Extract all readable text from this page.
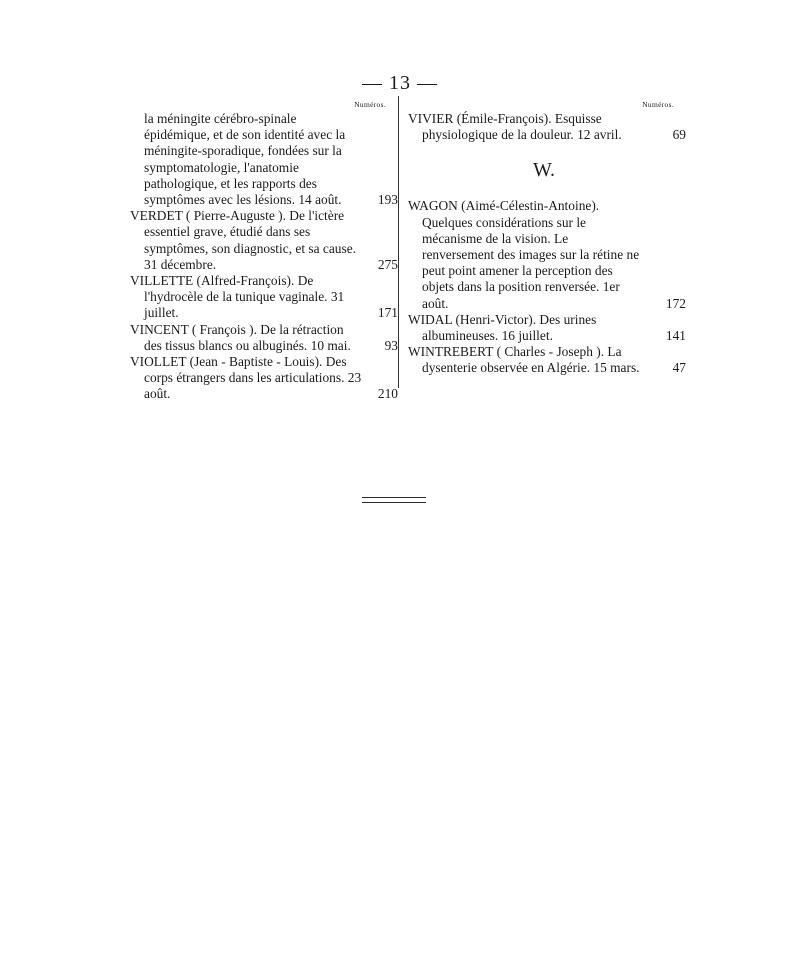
— 13 —
Numéros.
la méningite cérébro-spinale épidémique, et de son identité avec la méningite-sporadique, fondées sur la symptomatologie, l'anatomie pathologique, et les rapports des symptômes avec les lésions. 14 août.	193
VERDET ( Pierre-Auguste ). De l'ictère essentiel grave, étudié dans ses symptômes, son diagnostic, et sa cause. 31 décembre.	275
VILLETTE (Alfred-François). De l'hydrocèle de la tunique vaginale. 31 juillet.	171
VINCENT ( François ). De la rétraction des tissus blancs ou albuginés. 10 mai.	93
VIOLLET (Jean - Baptiste - Louis). Des corps étrangers dans les articulations. 23 août.	210
Numéros.
VIVIER (Émile-François). Esquisse physiologique de la douleur. 12 avril.	69
W.
WAGON (Aimé-Célestin-Antoine). Quelques considérations sur le mécanisme de la vision. Le renversement des images sur la rétine ne peut point amener la perception des objets dans la position renversée. 1er août.	172
WIDAL (Henri-Victor). Des urines albumineuses. 16 juillet.	141
WINTREBERT ( Charles - Joseph ). La dysenterie observée en Algérie. 15 mars. 47
